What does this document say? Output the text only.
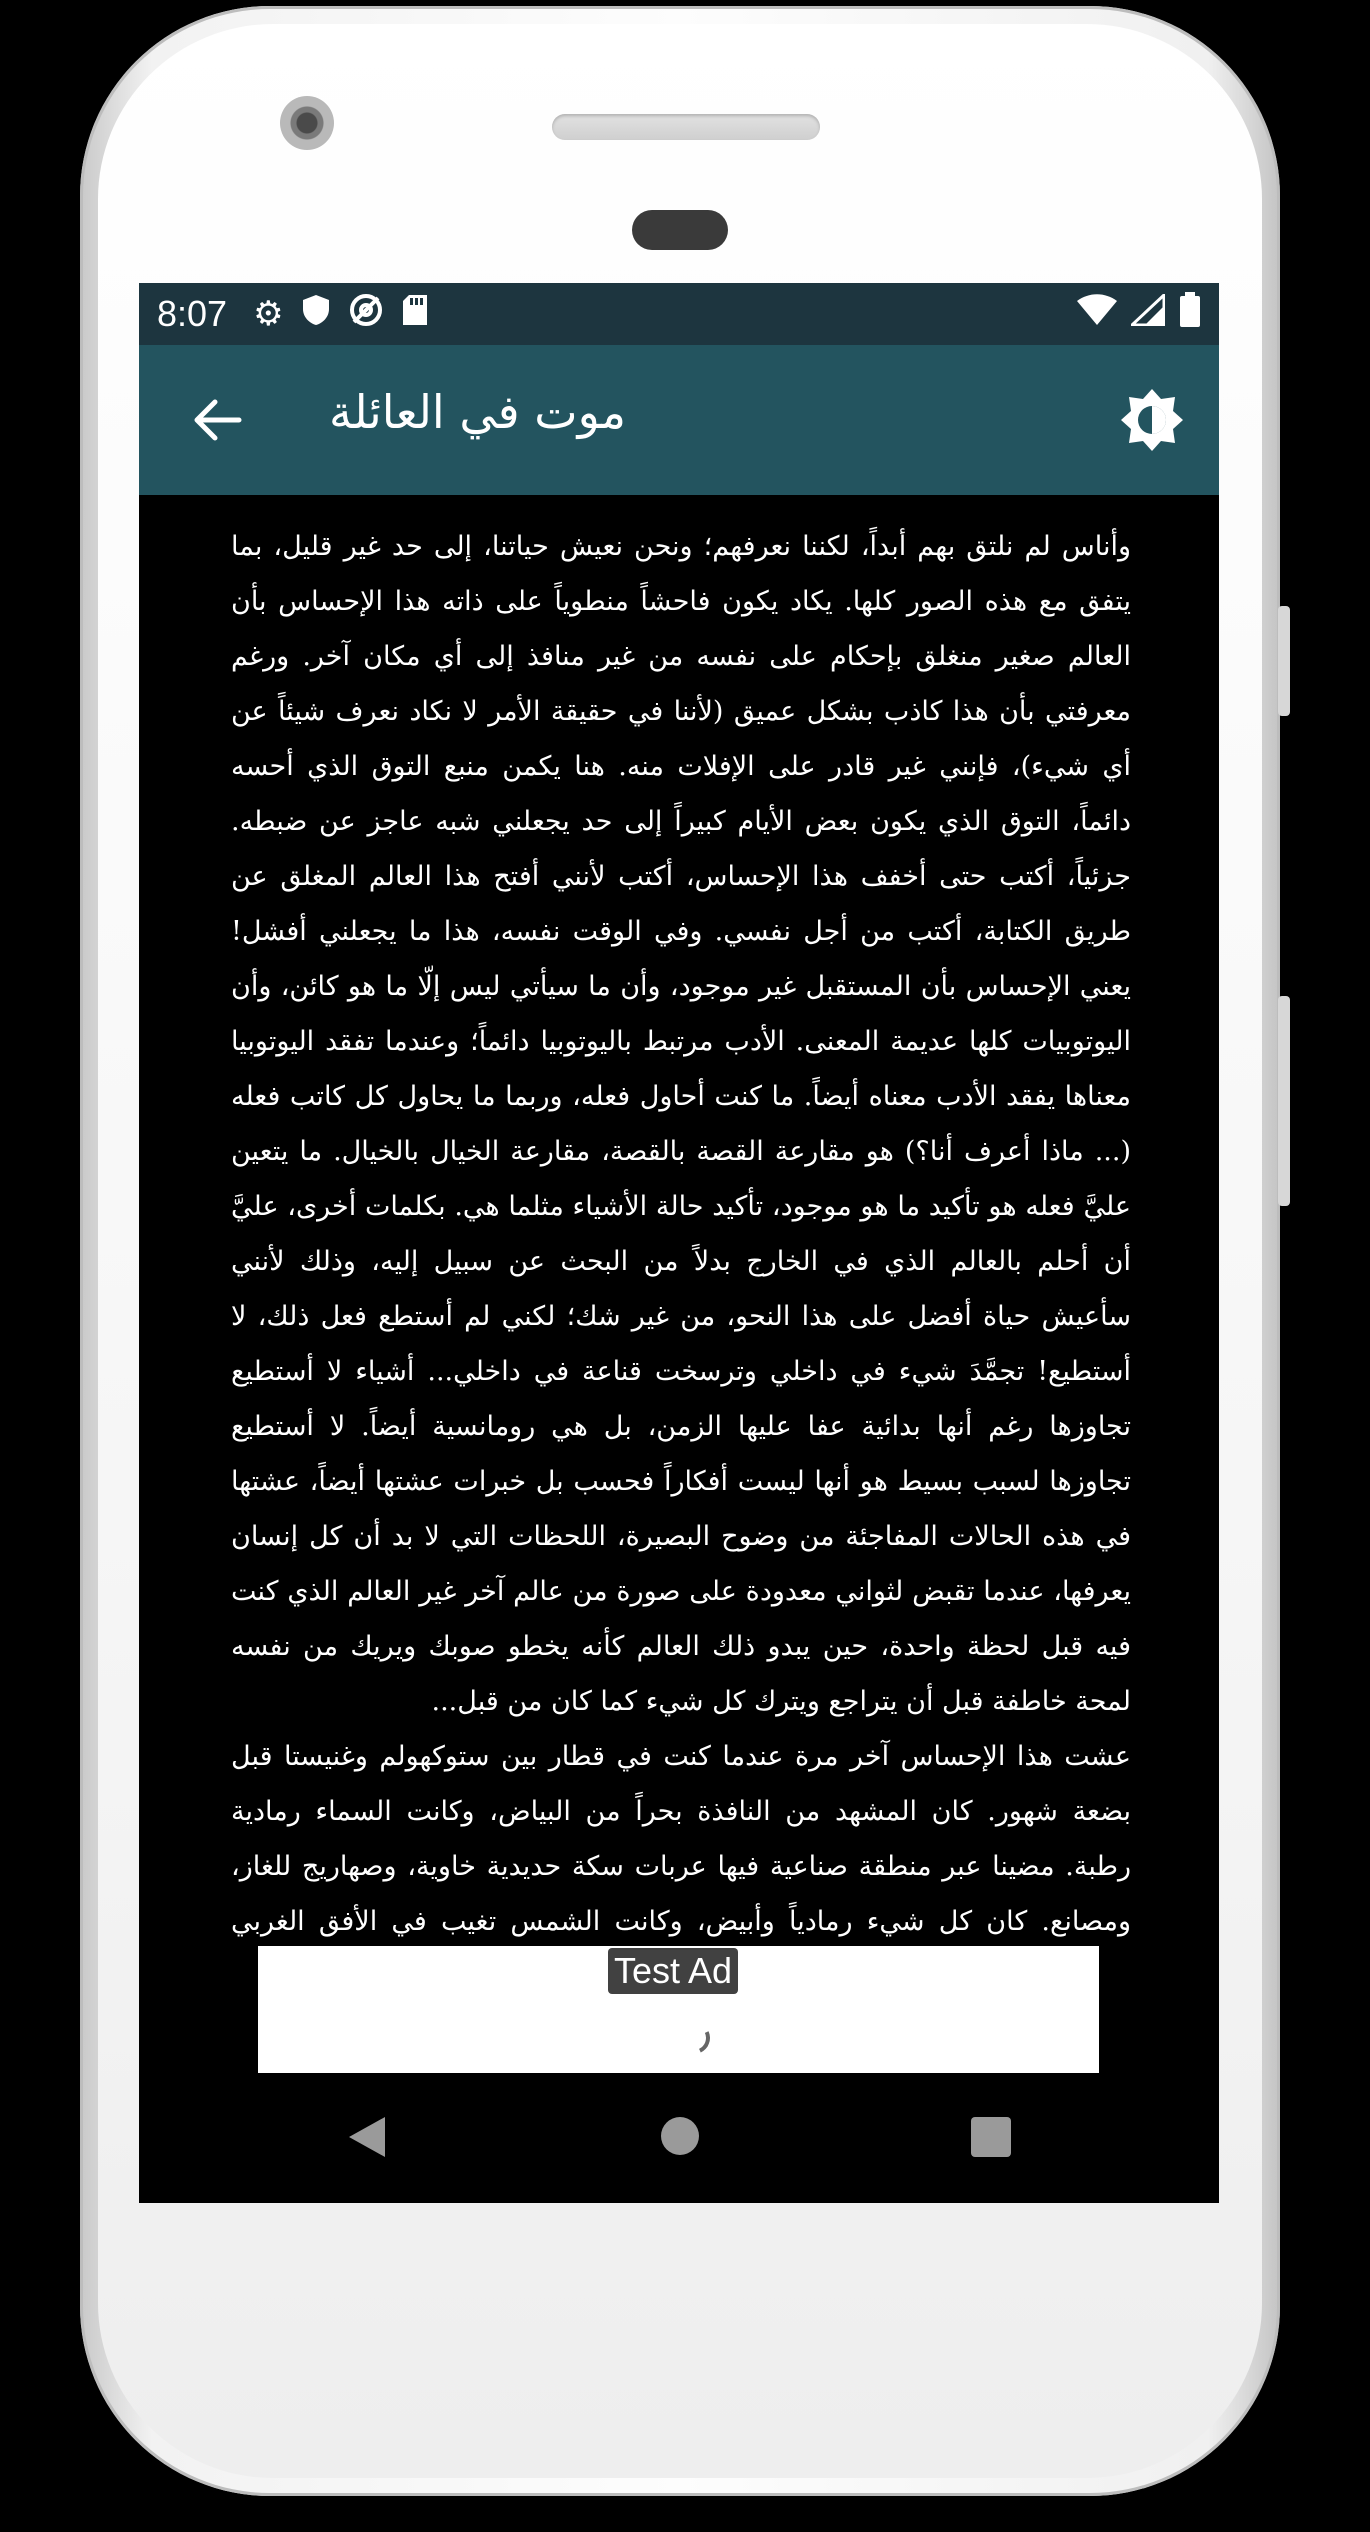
8:07 ⚙
موت في العائلة

وأناس لم نلتق بهم أبداً، لكننا نعرفهم؛ ونحن نعيش حياتنا، إلى حد غير قليل، بما يتفق مع هذه الصور كلها. يكاد يكون فاحشاً منطوياً على ذاته هذا الإحساس بأن العالم صغير منغلق بإحكام على نفسه من غير منافذ إلى أي مكان آخر. ورغم معرفتي بأن هذا كاذب بشكل عميق (لأننا في حقيقة الأمر لا نكاد نعرف شيئاً عن أي شيء)، فإنني غير قادر على الإفلات منه. هنا يكمن منبع التوق الذي أحسه دائماً، التوق الذي يكون بعض الأيام كبيراً إلى حد يجعلني شبه عاجز عن ضبطه. جزئياً، أكتب حتى أخفف هذا الإحساس، أكتب لأنني أفتح هذا العالم المغلق عن طريق الكتابة، أكتب من أجل نفسي. وفي الوقت نفسه، هذا ما يجعلني أفشل! يعني الإحساس بأن المستقبل غير موجود، وأن ما سيأتي ليس إلّا ما هو كائن، وأن اليوتوبيات كلها عديمة المعنى. الأدب مرتبط باليوتوبيا دائماً؛ وعندما تفقد اليوتوبيا معناها يفقد الأدب معناه أيضاً. ما كنت أحاول فعله، وربما ما يحاول كل كاتب فعله (... ماذا أعرف أنا؟) هو مقارعة القصة بالقصة، مقارعة الخيال بالخيال. ما يتعين عليَّ فعله هو تأكيد ما هو موجود، تأكيد حالة الأشياء مثلما هي. بكلمات أخرى، عليَّ أن أحلم بالعالم الذي في الخارج بدلاً من البحث عن سبيل إليه، وذلك لأنني سأعيش حياة أفضل على هذا النحو، من غير شك؛ لكني لم أستطع فعل ذلك، لا أستطيع! تجمَّدَ شيء في داخلي وترسخت قناعة في داخلي... أشياء لا أستطيع تجاوزها رغم أنها بدائية عفا عليها الزمن، بل هي رومانسية أيضاً. لا أستطيع تجاوزها لسبب بسيط هو أنها ليست أفكاراً فحسب بل خبرات عشتها أيضاً، عشتها في هذه الحالات المفاجئة من وضوح البصيرة، اللحظات التي لا بد أن كل إنسان يعرفها، عندما تقبض لثواني معدودة على صورة من عالم آخر غير العالم الذي كنت فيه قبل لحظة واحدة، حين يبدو ذلك العالم كأنه يخطو صوبك ويريك من نفسه لمحة خاطفة قبل أن يتراجع ويترك كل شيء كما كان من قبل...

عشت هذا الإحساس آخر مرة عندما كنت في قطار بين ستوكهولم وغنيستا قبل بضعة شهور. كان المشهد من النافذة بحراً من البياض، وكانت السماء رمادية رطبة. مضينا عبر منطقة صناعية فيها عربات سكة حديدية خاوية، وصهاريج للغاز، ومصانع. كان كل شيء رمادياً وأبيض، وكانت الشمس تغيب في الأفق الغربي

Test Ad
